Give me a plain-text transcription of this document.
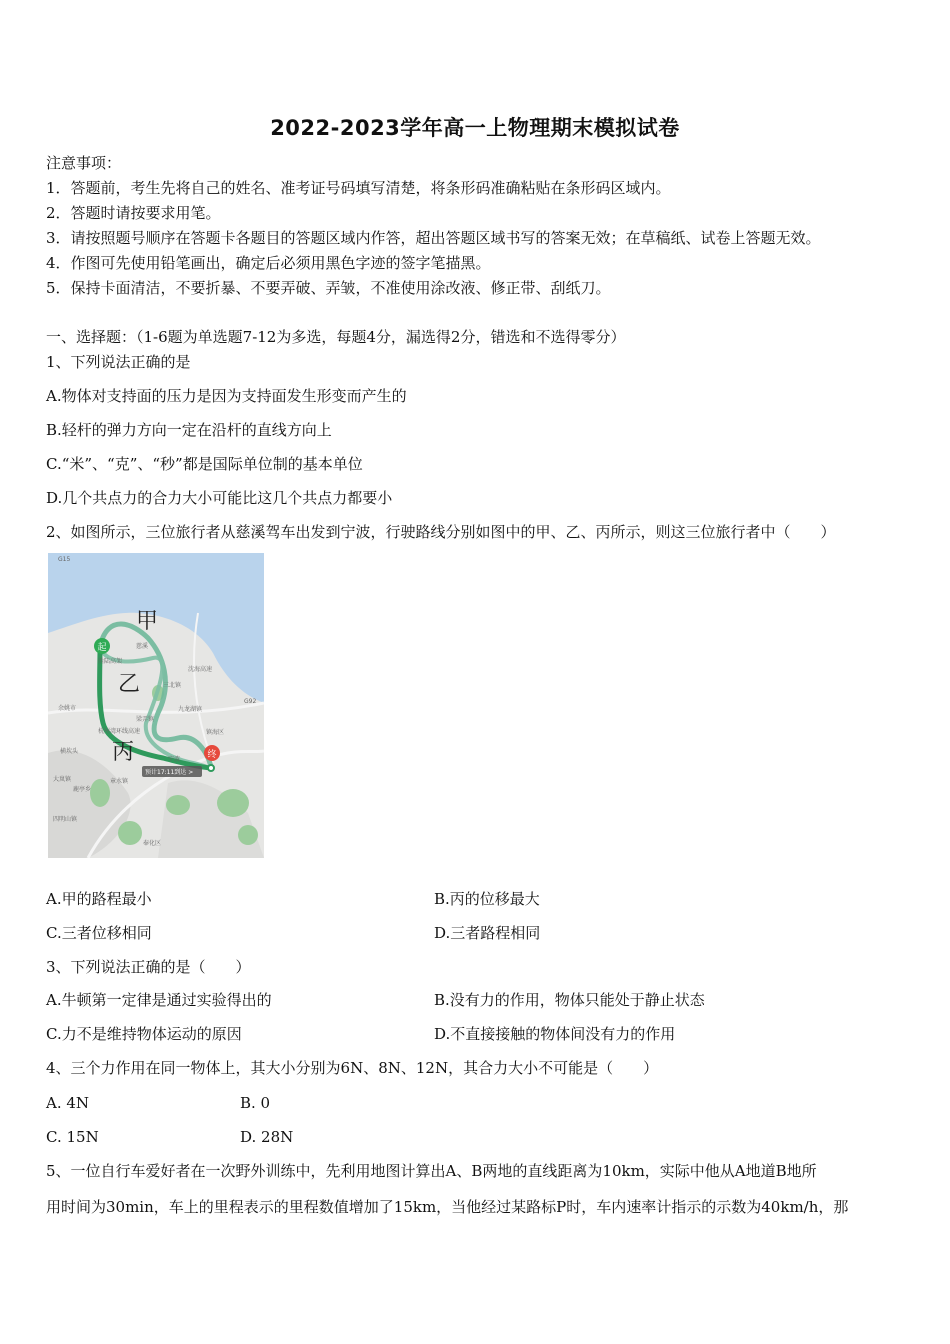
2022-2023学年高一上物理期末模拟试卷
注意事项：
1．答题前，考生先将自己的姓名、准考证号码填写清楚，将条形码准确粘贴在条形码区域内。
2．答题时请按要求用笔。
3．请按照题号顺序在答题卡各题目的答题区域内作答，超出答题区域书写的答案无效；在草稿纸、试卷上答题无效。
4．作图可先使用铅笔画出，确定后必须用黑色字迹的签字笔描黑。
5．保持卡面清洁，不要折暴、不要弄破、弄皱，不准使用涂改液、修正带、刮纸刀。
一、选择题：（1-6题为单选题7-12为多选，每题4分，漏选得2分，错选和不选得零分）
1、下列说法正确的是
A.物体对支持面的压力是因为支持面发生形变而产生的
B.轻杆的弹力方向一定在沿杆的直线方向上
C.“米”、“克”、“秒”都是国际单位制的基本单位
D.几个共点力的合力大小可能比这几个共点力都要小
2、如图所示，三位旅行者从慈溪驾车出发到宁波，行驶路线分别如图中的甲、乙、丙所示，则这三位旅行者中（　　）
起
终
甲
乙
丙
余姚市
三北镇
九龙湖镇
镇海区
宁波
慈溪
大岚镇
梁弄镇
鹿亭乡
四明山镇
章水镇
奉化区
横坎头
沈海高速
杭州湾环线高速
胜陆高架
G15
G92
预计17:11到达 >
A.甲的路程最小	B.丙的位移最大
C.三者位移相同	D.三者路程相同
3、下列说法正确的是（　　）
A.牛顿第一定律是通过实验得出的	B.没有力的作用，物体只能处于静止状态
C.力不是维持物体运动的原因	D.不直接接触的物体间没有力的作用
4、三个力作用在同一物体上，其大小分别为6N、8N、12N，其合力大小不可能是（　　）
A. 4N	B. 0
C. 15N	D. 28N
5、一位自行车爱好者在一次野外训练中，先利用地图计算出A、B两地的直线距离为10km，实际中他从A地道B地所
用时间为30min，车上的里程表示的里程数值增加了15km，当他经过某路标P时，车内速率计指示的示数为40km/h，那
